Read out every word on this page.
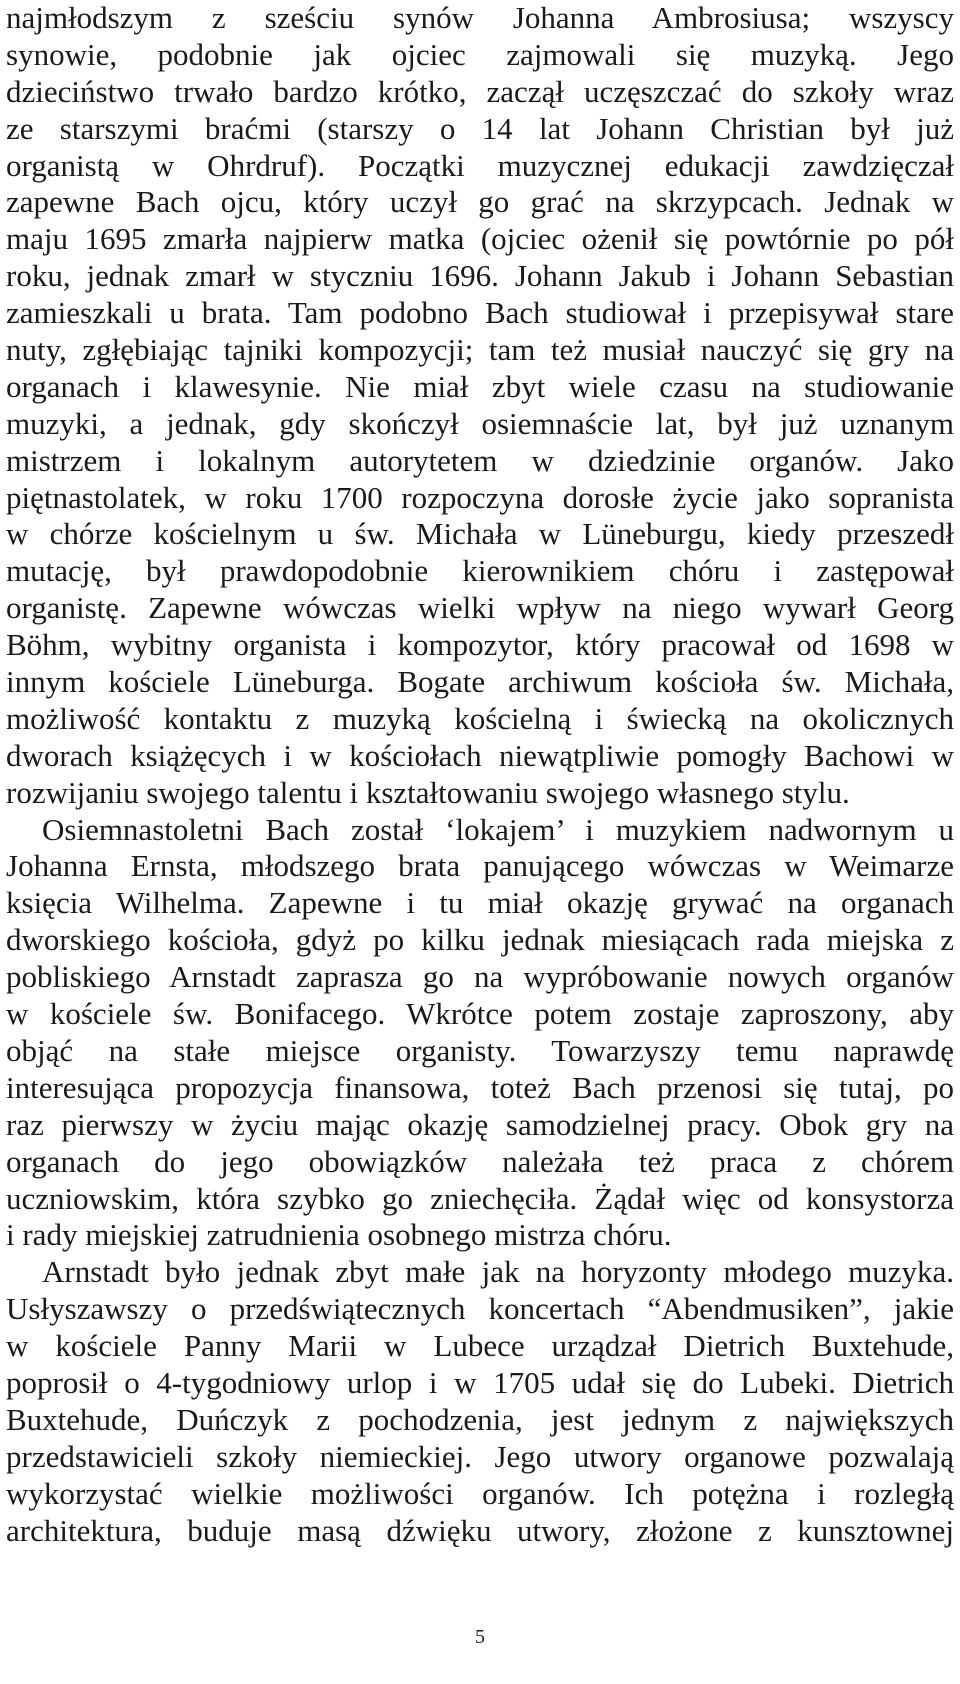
najmłodszym z sześciu synów Johanna Ambrosiusa; wszyscy
synowie, podobnie jak ojciec zajmowali się muzyką. Jego
dzieciństwo trwało bardzo krótko, zaczął uczęszczać do szkoły wraz
ze starszymi braćmi (starszy o 14 lat Johann Christian był już
organistą w Ohrdruf). Początki muzycznej edukacji zawdzięczał
zapewne Bach ojcu, który uczył go grać na skrzypcach. Jednak w
maju 1695 zmarła najpierw matka (ojciec ożenił się powtórnie po pół
roku, jednak zmarł w styczniu 1696. Johann Jakub i Johann Sebastian
zamieszkali u brata. Tam podobno Bach studiował i przepisywał stare
nuty, zgłębiając tajniki kompozycji; tam też musiał nauczyć się gry na
organach i klawesynie. Nie miał zbyt wiele czasu na studiowanie
muzyki, a jednak, gdy skończył osiemnaście lat, był już uznanym
mistrzem i lokalnym autorytetem w dziedzinie organów. Jako
piętnastolatek, w roku 1700 rozpoczyna dorosłe życie jako sopranista
w chórze kościelnym u św. Michała w Lüneburgu, kiedy przeszedł
mutację, był prawdopodobnie kierownikiem chóru i zastępował
organistę. Zapewne wówczas wielki wpływ na niego wywarł Georg
Böhm, wybitny organista i kompozytor, który pracował od 1698 w
innym kościele Lüneburga. Bogate archiwum kościoła św. Michała,
możliwość kontaktu z muzyką kościelną i świecką na okolicznych
dworach książęcych i w kościołach niewątpliwie pomogły Bachowi w
rozwijaniu swojego talentu i kształtowaniu swojego własnego stylu.
Osiemnastoletni Bach został ‘lokajem’ i muzykiem nadwornym u
Johanna Ernsta, młodszego brata panującego wówczas w Weimarze
księcia Wilhelma. Zapewne i tu miał okazję grywać na organach
dworskiego kościoła, gdyż po kilku jednak miesiącach rada miejska z
pobliskiego Arnstadt zaprasza go na wypróbowanie nowych organów
w kościele św. Bonifacego. Wkrótce potem zostaje zaproszony, aby
objąć na stałe miejsce organisty. Towarzyszy temu naprawdę
interesująca propozycja finansowa, toteż Bach przenosi się tutaj, po
raz pierwszy w życiu mając okazję samodzielnej pracy. Obok gry na
organach do jego obowiązków należała też praca z chórem
uczniowskim, która szybko go zniechęciła. Żądał więc od konsystorza
i rady miejskiej zatrudnienia osobnego mistrza chóru.
Arnstadt było jednak zbyt małe jak na horyzonty młodego muzyka.
Usłyszawszy o przedświątecznych koncertach “Abendmusiken”, jakie
w kościele Panny Marii w Lubece urządzał Dietrich Buxtehude,
poprosił o 4-tygodniowy urlop i w 1705 udał się do Lubeki. Dietrich
Buxtehude, Duńczyk z pochodzenia, jest jednym z największych
przedstawicieli szkoły niemieckiej. Jego utwory organowe pozwalają
wykorzystać wielkie możliwości organów. Ich potężna i rozległą
architektura, buduje masą dźwięku utwory, złożone z kunsztownej
5
